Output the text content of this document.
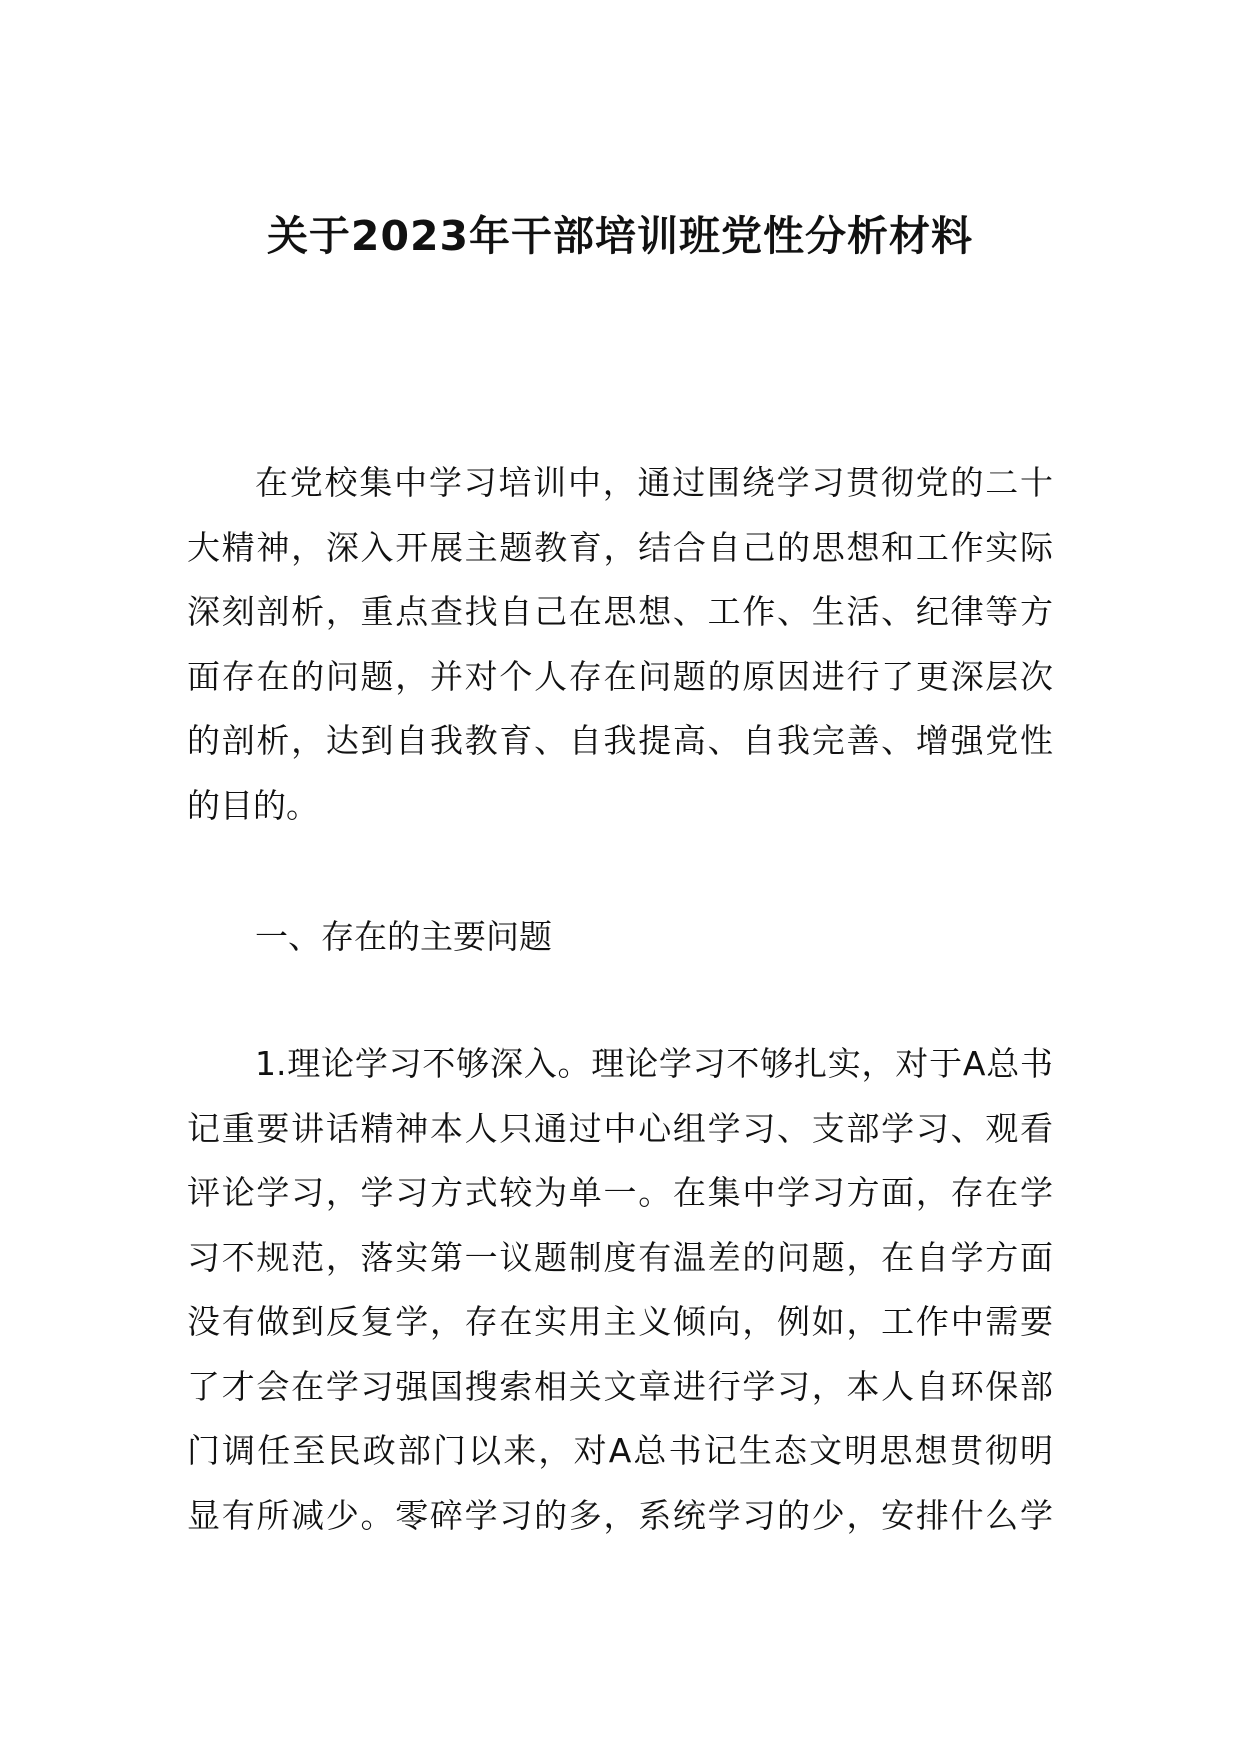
关于2023年干部培训班党性分析材料
在党校集中学习培训中，通过围绕学习贯彻党的二十
大精神，深入开展主题教育，结合自己的思想和工作实际
深刻剖析，重点查找自己在思想、工作、生活、纪律等方
面存在的问题，并对个人存在问题的原因进行了更深层次
的剖析，达到自我教育、自我提高、自我完善、增强党性
的目的。
一、存在的主要问题
1.理论学习不够深入。理论学习不够扎实，对于A总书
记重要讲话精神本人只通过中心组学习、支部学习、观看
评论学习，学习方式较为单一。在集中学习方面，存在学
习不规范，落实第一议题制度有温差的问题，在自学方面
没有做到反复学，存在实用主义倾向，例如，工作中需要
了才会在学习强国搜索相关文章进行学习，本人自环保部
门调任至民政部门以来，对A总书记生态文明思想贯彻明
显有所减少。零碎学习的多，系统学习的少，安排什么学
